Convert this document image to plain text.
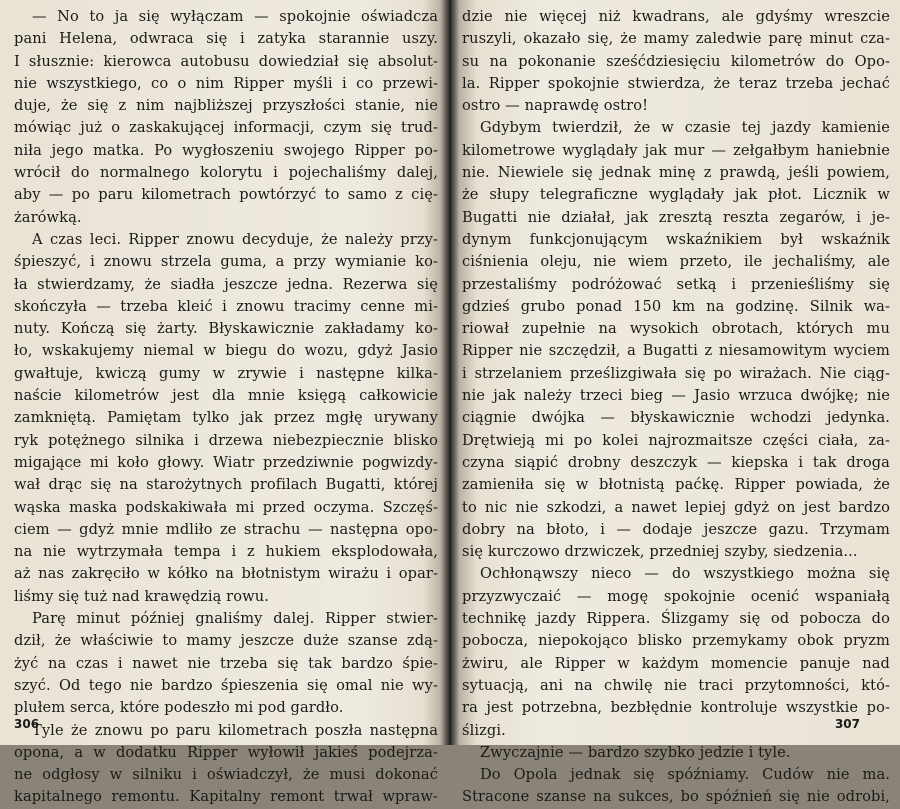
— No to ja się wyłączam — spokojnie oświadcza
pani Helena, odwraca się i zatyka starannie uszy.
I słusznie: kierowca autobusu dowiedział się absolut-
nie wszystkiego, co o nim Ripper myśli i co przewi-
duje, że się z nim najbliższej przyszłości stanie, nie
mówiąc już o zaskakującej informacji, czym się trud-
niła jego matka. Po wygłoszeniu swojego Ripper po-
wrócił do normalnego kolorytu i pojechaliśmy dalej,
aby — po paru kilometrach powtórzyć to samo z cię-
żarówką.
A czas leci. Ripper znowu decyduje, że należy przy-
śpieszyć, i znowu strzela guma, a przy wymianie ko-
ła stwierdzamy, że siadła jeszcze jedna. Rezerwa się
skończyła — trzeba kleić i znowu tracimy cenne mi-
nuty. Kończą się żarty. Błyskawicznie zakładamy ko-
ło, wskakujemy niemal w biegu do wozu, gdyż Jasio
gwałtuje, kwiczą gumy w zrywie i następne kilka-
naście kilometrów jest dla mnie księgą całkowicie
zamkniętą. Pamiętam tylko jak przez mgłę urywany
ryk potężnego silnika i drzewa niebezpiecznie blisko
migające mi koło głowy. Wiatr przedziwnie pogwizdy-
wał drąc się na starożytnych profilach Bugatti, której
wąska maska podskakiwała mi przed oczyma. Szczęś-
ciem — gdyż mnie mdliło ze strachu — następna opo-
na nie wytrzymała tempa i z hukiem eksplodowała,
aż nas zakręciło w kółko na błotnistym wirażu i opar-
liśmy się tuż nad krawędzią rowu.
Parę minut później gnaliśmy dalej. Ripper stwier-
dził, że właściwie to mamy jeszcze duże szanse zdą-
żyć na czas i nawet nie trzeba się tak bardzo śpie-
szyć. Od tego nie bardzo śpieszenia się omal nie wy-
plułem serca, które podeszło mi pod gardło.
Tyle że znowu po paru kilometrach poszła następna
opona, a w dodatku Ripper wyłowił jakieś podejrza-
ne odgłosy w silniku i oświadczył, że musi dokonać
kapitalnego remontu. Kapitalny remont trwał wpraw-
306
dzie nie więcej niż kwadrans, ale gdyśmy wreszcie
ruszyli, okazało się, że mamy zaledwie parę minut cza-
su na pokonanie sześćdziesięciu kilometrów do Opo-
la. Ripper spokojnie stwierdza, że teraz trzeba jechać
ostro — naprawdę ostro!
Gdybym twierdził, że w czasie tej jazdy kamienie
kilometrowe wyglądały jak mur — zełgałbym haniebnie
nie. Niewiele się jednak minę z prawdą, jeśli powiem,
że słupy telegraficzne wyglądały jak płot. Licznik w
Bugatti nie działał, jak zresztą reszta zegarów, i je-
dynym funkcjonującym wskaźnikiem był wskaźnik
ciśnienia oleju, nie wiem przeto, ile jechaliśmy, ale
przestaliśmy podróżować setką i przenieśliśmy się
gdzieś grubo ponad 150 km na godzinę. Silnik wa-
riował zupełnie na wysokich obrotach, których mu
Ripper nie szczędził, a Bugatti z niesamowitym wyciem
i strzelaniem prześlizgiwała się po wirażach. Nie ciąg-
nie jak należy trzeci bieg — Jasio wrzuca dwójkę; nie
ciągnie dwójka — błyskawicznie wchodzi jedynka.
Drętwieją mi po kolei najrozmaitsze części ciała, za-
czyna siąpić drobny deszczyk — kiepska i tak droga
zamieniła się w błotnistą paćkę. Ripper powiada, że
to nic nie szkodzi, a nawet lepiej gdyż on jest bardzo
dobry na błoto, i — dodaje jeszcze gazu. Trzymam
się kurczowo drzwiczek, przedniej szyby, siedzenia...
Ochłonąwszy nieco — do wszystkiego można się
przyzwyczaić — mogę spokojnie ocenić wspaniałą
technikę jazdy Rippera. Ślizgamy się od pobocza do
pobocza, niepokojąco blisko przemykamy obok pryzm
żwiru, ale Ripper w każdym momencie panuje nad
sytuacją, ani na chwilę nie traci przytomności, któ-
ra jest potrzebna, bezbłędnie kontroluje wszystkie po-
ślizgi.
Zwyczajnie — bardzo szybko jedzie i tyle.
Do Opola jednak się spóźniamy. Cudów nie ma.
Stracone szanse na sukces, bo spóźnień się nie odrobi,
307
